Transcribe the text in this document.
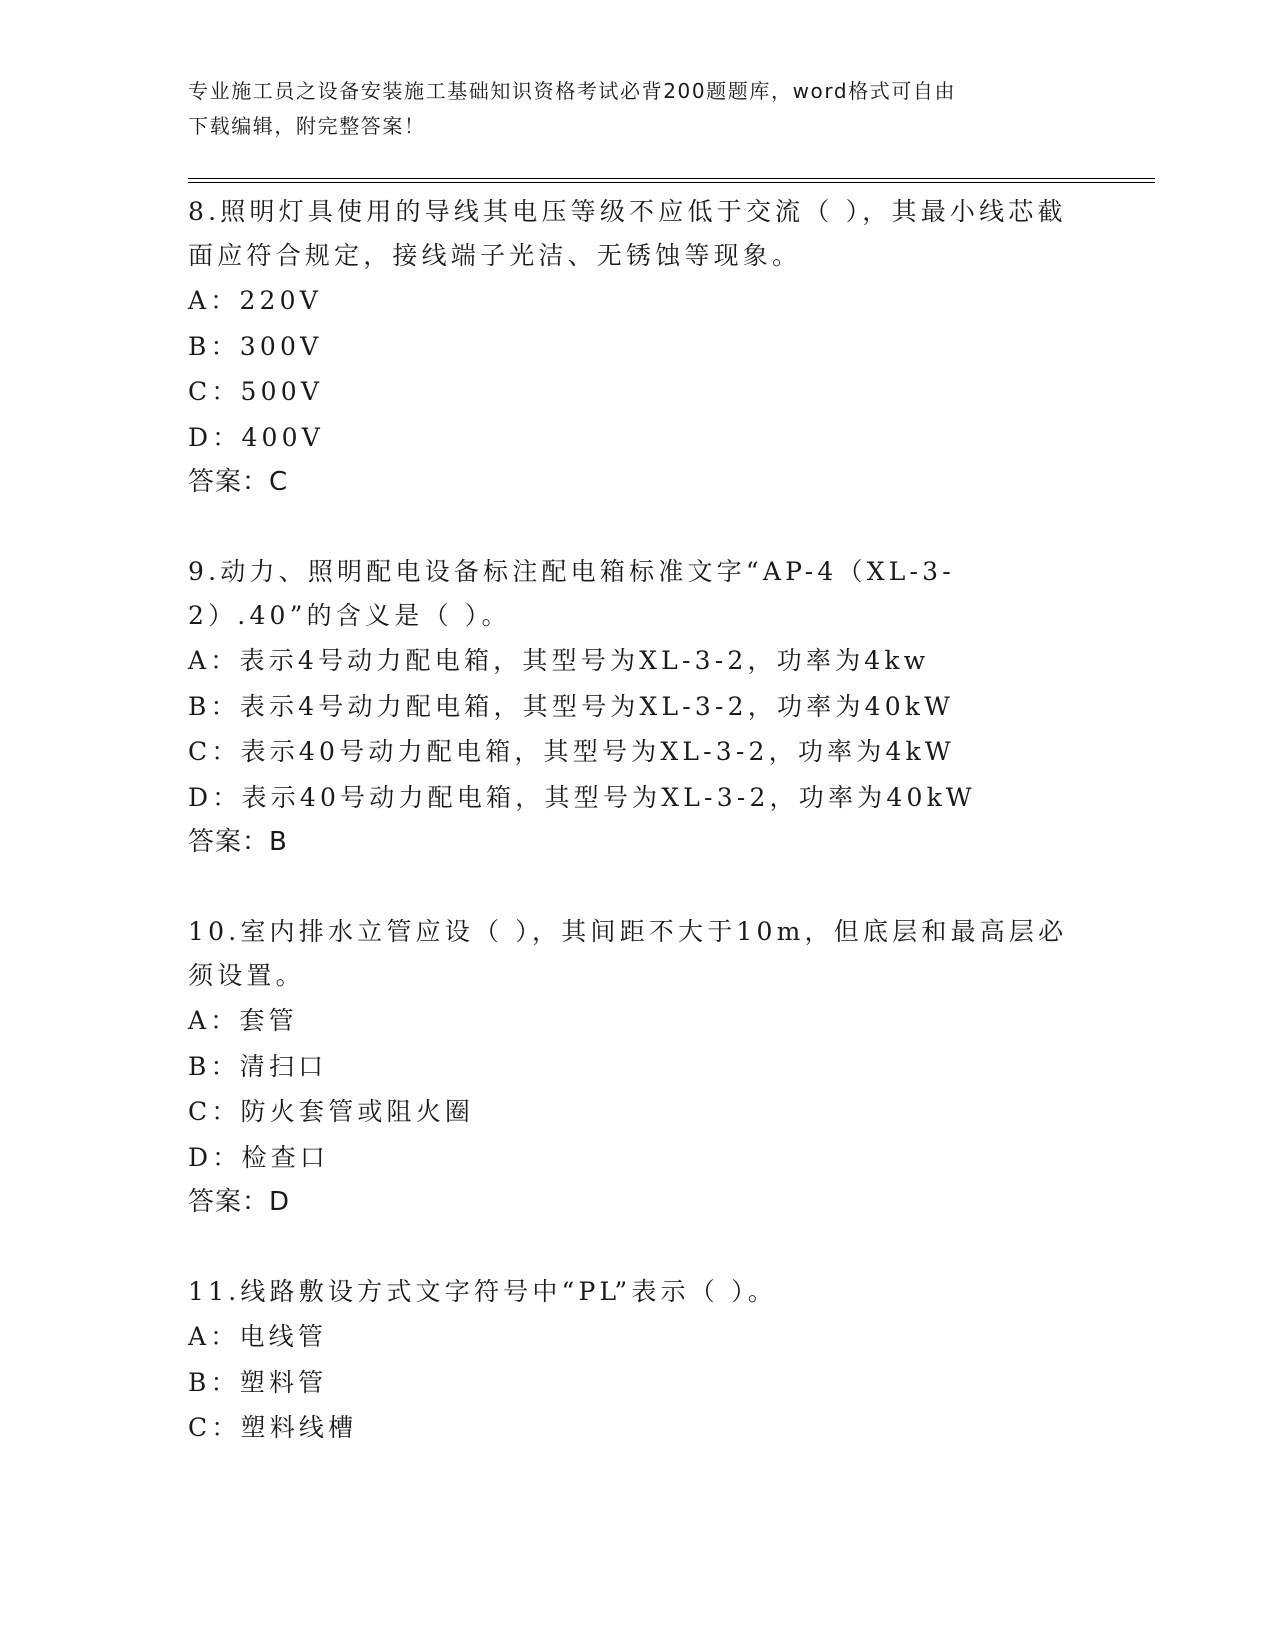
专业施工员之设备安装施工基础知识资格考试必背200题题库，word格式可自由
下载编辑，附完整答案！
8.照明灯具使用的导线其电压等级不应低于交流（ ），其最小线芯截面应符合规定，接线端子光洁、无锈蚀等现象。
A：220V
B：300V
C：500V
D：400V
答案：C
9.动力、照明配电设备标注配电箱标准文字“AP-4（XL-3-2）.40”的含义是（ ）。
A：表示4号动力配电箱，其型号为XL-3-2，功率为4kw
B：表示4号动力配电箱，其型号为XL-3-2，功率为40kW
C：表示40号动力配电箱，其型号为XL-3-2，功率为4kW
D：表示40号动力配电箱，其型号为XL-3-2，功率为40kW
答案：B
10.室内排水立管应设（ ），其间距不大于10m，但底层和最高层必须设置。
A：套管
B：清扫口
C：防火套管或阻火圈
D：检查口
答案：D
11.线路敷设方式文字符号中“PL”表示（ ）。
A：电线管
B：塑料管
C：塑料线槽
